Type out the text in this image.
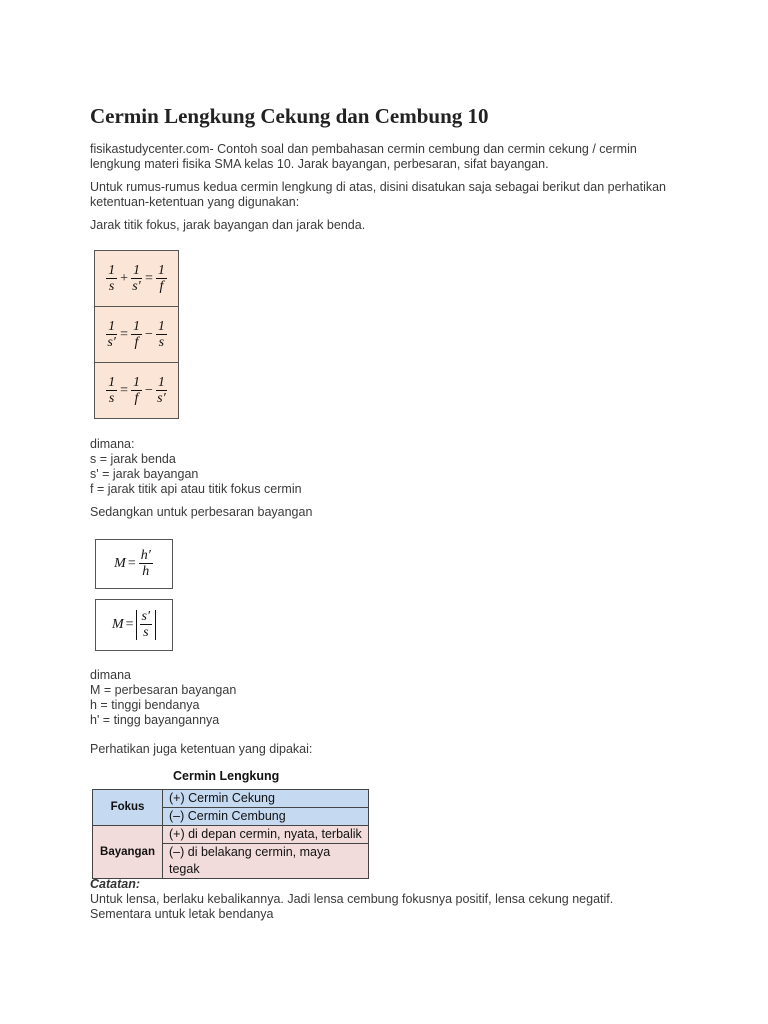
Cermin Lengkung Cekung dan Cembung 10

fisikastudycenter.com- Contoh soal dan pembahasan cermin cembung dan cermin cekung / cermin
lengkung materi fisika SMA kelas 10. Jarak bayangan, perbesaran, sifat bayangan.

Untuk rumus-rumus kedua cermin lengkung di atas, disini disatukan saja sebagai berikut dan perhatikan
ketentuan-ketentuan yang digunakan:

Jarak titik fokus, jarak bayangan dan jarak benda.

$\frac{1}{s} + \frac{1}{s'} = \frac{1}{f}$
$\frac{1}{s'} = \frac{1}{f} - \frac{1}{s}$
$\frac{1}{s} = \frac{1}{f} - \frac{1}{s'}$

dimana:
s = jarak benda
s' = jarak bayangan
f = jarak titik api atau titik fokus cermin

Sedangkan untuk perbesaran bayangan

$M = \frac{h'}{h}$
$M = \frac{s'}{s}$

dimana
M = perbesaran bayangan
h = tinggi bendanya
h' = tingg bayangannya

Perhatikan juga ketentuan yang dipakai:

Cermin Lengkung
Fokus	(+) Cermin Cekung
	(–) Cermin Cembung
Bayangan	(+) di depan cermin, nyata, terbalik
	(–) di belakang cermin, maya tegak
Catatan:

Untuk lensa, berlaku kebalikannya. Jadi lensa cembung fokusnya positif, lensa cekung negatif.
Sementara untuk letak bendanya
